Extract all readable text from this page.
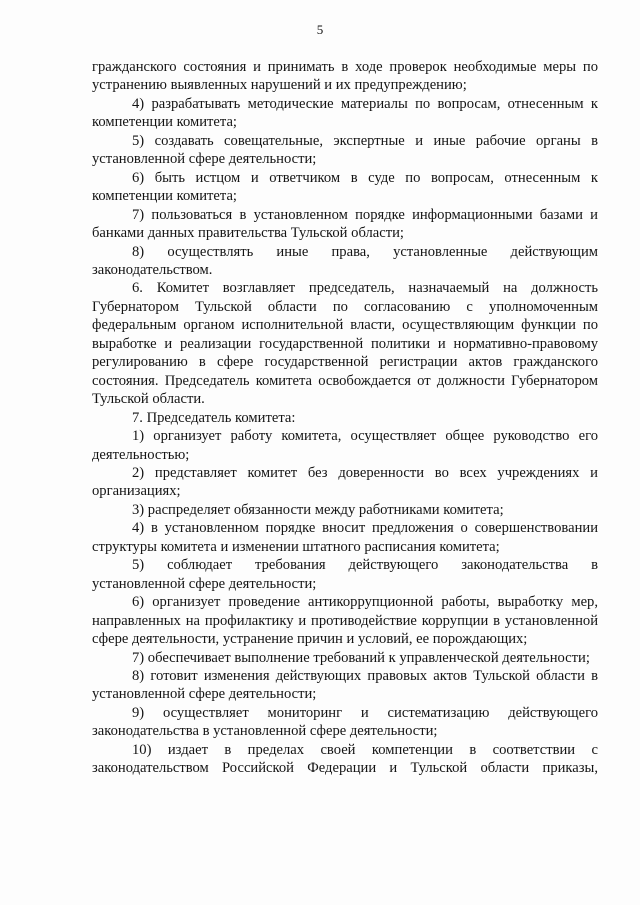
5

гражданского состояния и принимать в ходе проверок необходимые меры по устранению выявленных нарушений и их предупреждению;

4) разрабатывать методические материалы по вопросам, отнесенным к компетенции комитета;

5) создавать совещательные, экспертные и иные рабочие органы в установленной сфере деятельности;

6) быть истцом и ответчиком в суде по вопросам, отнесенным к компетенции комитета;

7) пользоваться в установленном порядке информационными базами и банками данных правительства Тульской области;

8) осуществлять иные права, установленные действующим законодательством.

6. Комитет возглавляет председатель, назначаемый на должность Губернатором Тульской области по согласованию с уполномоченным федеральным органом исполнительной власти, осуществляющим функции по выработке и реализации государственной политики и нормативно-правовому регулированию в сфере государственной регистрации актов гражданского состояния. Председатель комитета освобождается от должности Губернатором Тульской области.

7. Председатель комитета:

1) организует работу комитета, осуществляет общее руководство его деятельностью;

2) представляет комитет без доверенности во всех учреждениях и организациях;

3) распределяет обязанности между работниками комитета;

4) в установленном порядке вносит предложения о совершенствовании структуры комитета и изменении штатного расписания комитета;

5) соблюдает требования действующего законодательства в установленной сфере деятельности;

6) организует проведение антикоррупционной работы, выработку мер, направленных на профилактику и противодействие коррупции в установленной сфере деятельности, устранение причин и условий, ее порождающих;

7) обеспечивает выполнение требований к управленческой деятельности;

8) готовит изменения действующих правовых актов Тульской области в установленной сфере деятельности;

9) осуществляет мониторинг и систематизацию действующего законодательства в установленной сфере деятельности;

10) издает в пределах своей компетенции в соответствии с законодательством Российской Федерации и Тульской области приказы,
